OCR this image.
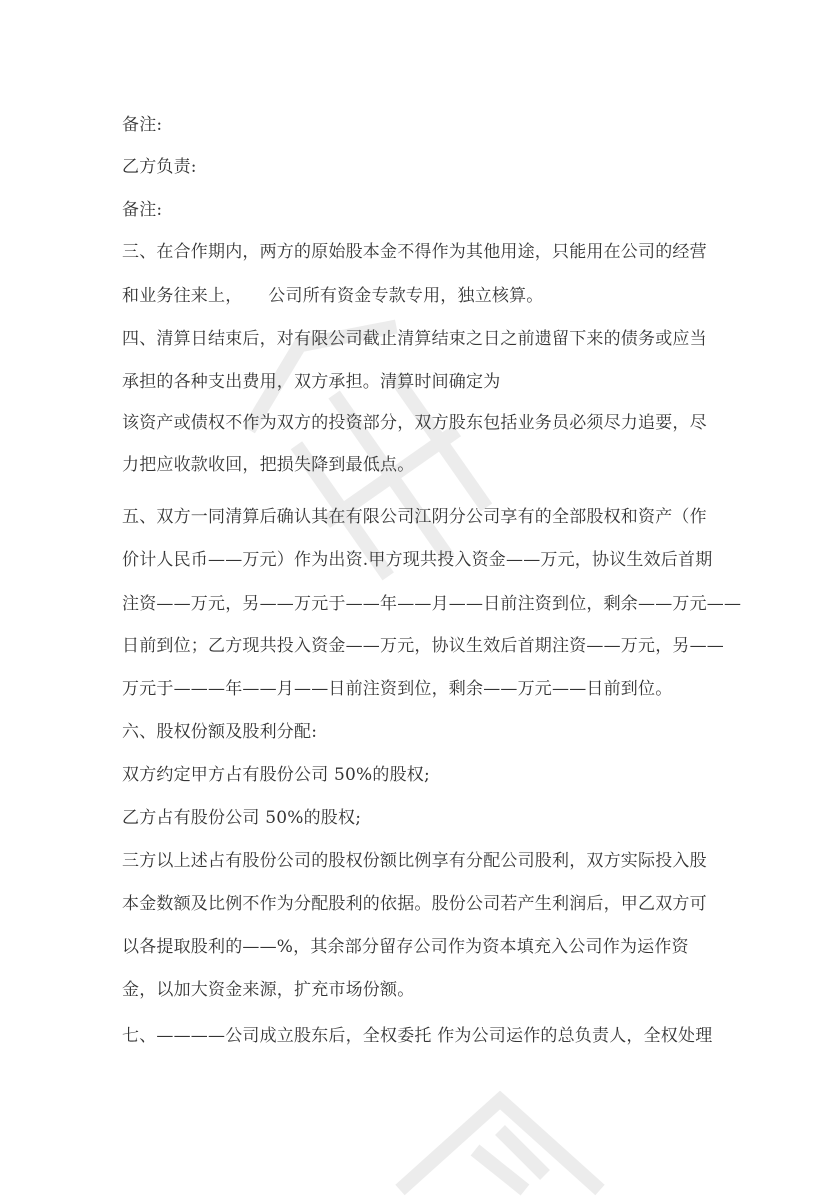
备注:
乙方负责:
备注:
三、在合作期内，两方的原始股本金不得作为其他用途，只能用在公司的经营
和业务往来上，　　公司所有资金专款专用，独立核算。
四、清算日结束后，对有限公司截止清算结束之日之前遗留下来的债务或应当
承担的各种支出费用，双方承担。清算时间确定为
该资产或债权不作为双方的投资部分，双方股东包括业务员必须尽力追要，尽
力把应收款收回，把损失降到最低点。
五、双方一同清算后确认其在有限公司江阴分公司享有的全部股权和资产（作
价计人民币——万元）作为出资.甲方现共投入资金——万元，协议生效后首期
注资——万元，另——万元于——年——月——日前注资到位，剩余——万元——
日前到位；乙方现共投入资金——万元，协议生效后首期注资——万元，另——
万元于———年——月——日前注资到位，剩余——万元——日前到位。
六、股权份额及股利分配:
双方约定甲方占有股份公司 50%的股权;
乙方占有股份公司 50%的股权;
三方以上述占有股份公司的股权份额比例享有分配公司股利，双方实际投入股
本金数额及比例不作为分配股利的依据。股份公司若产生利润后，甲乙双方可
以各提取股利的——%，其余部分留存公司作为资本填充入公司作为运作资
金，以加大资金来源，扩充市场份额。
七、————公司成立股东后，全权委托 作为公司运作的总负责人，全权处理
